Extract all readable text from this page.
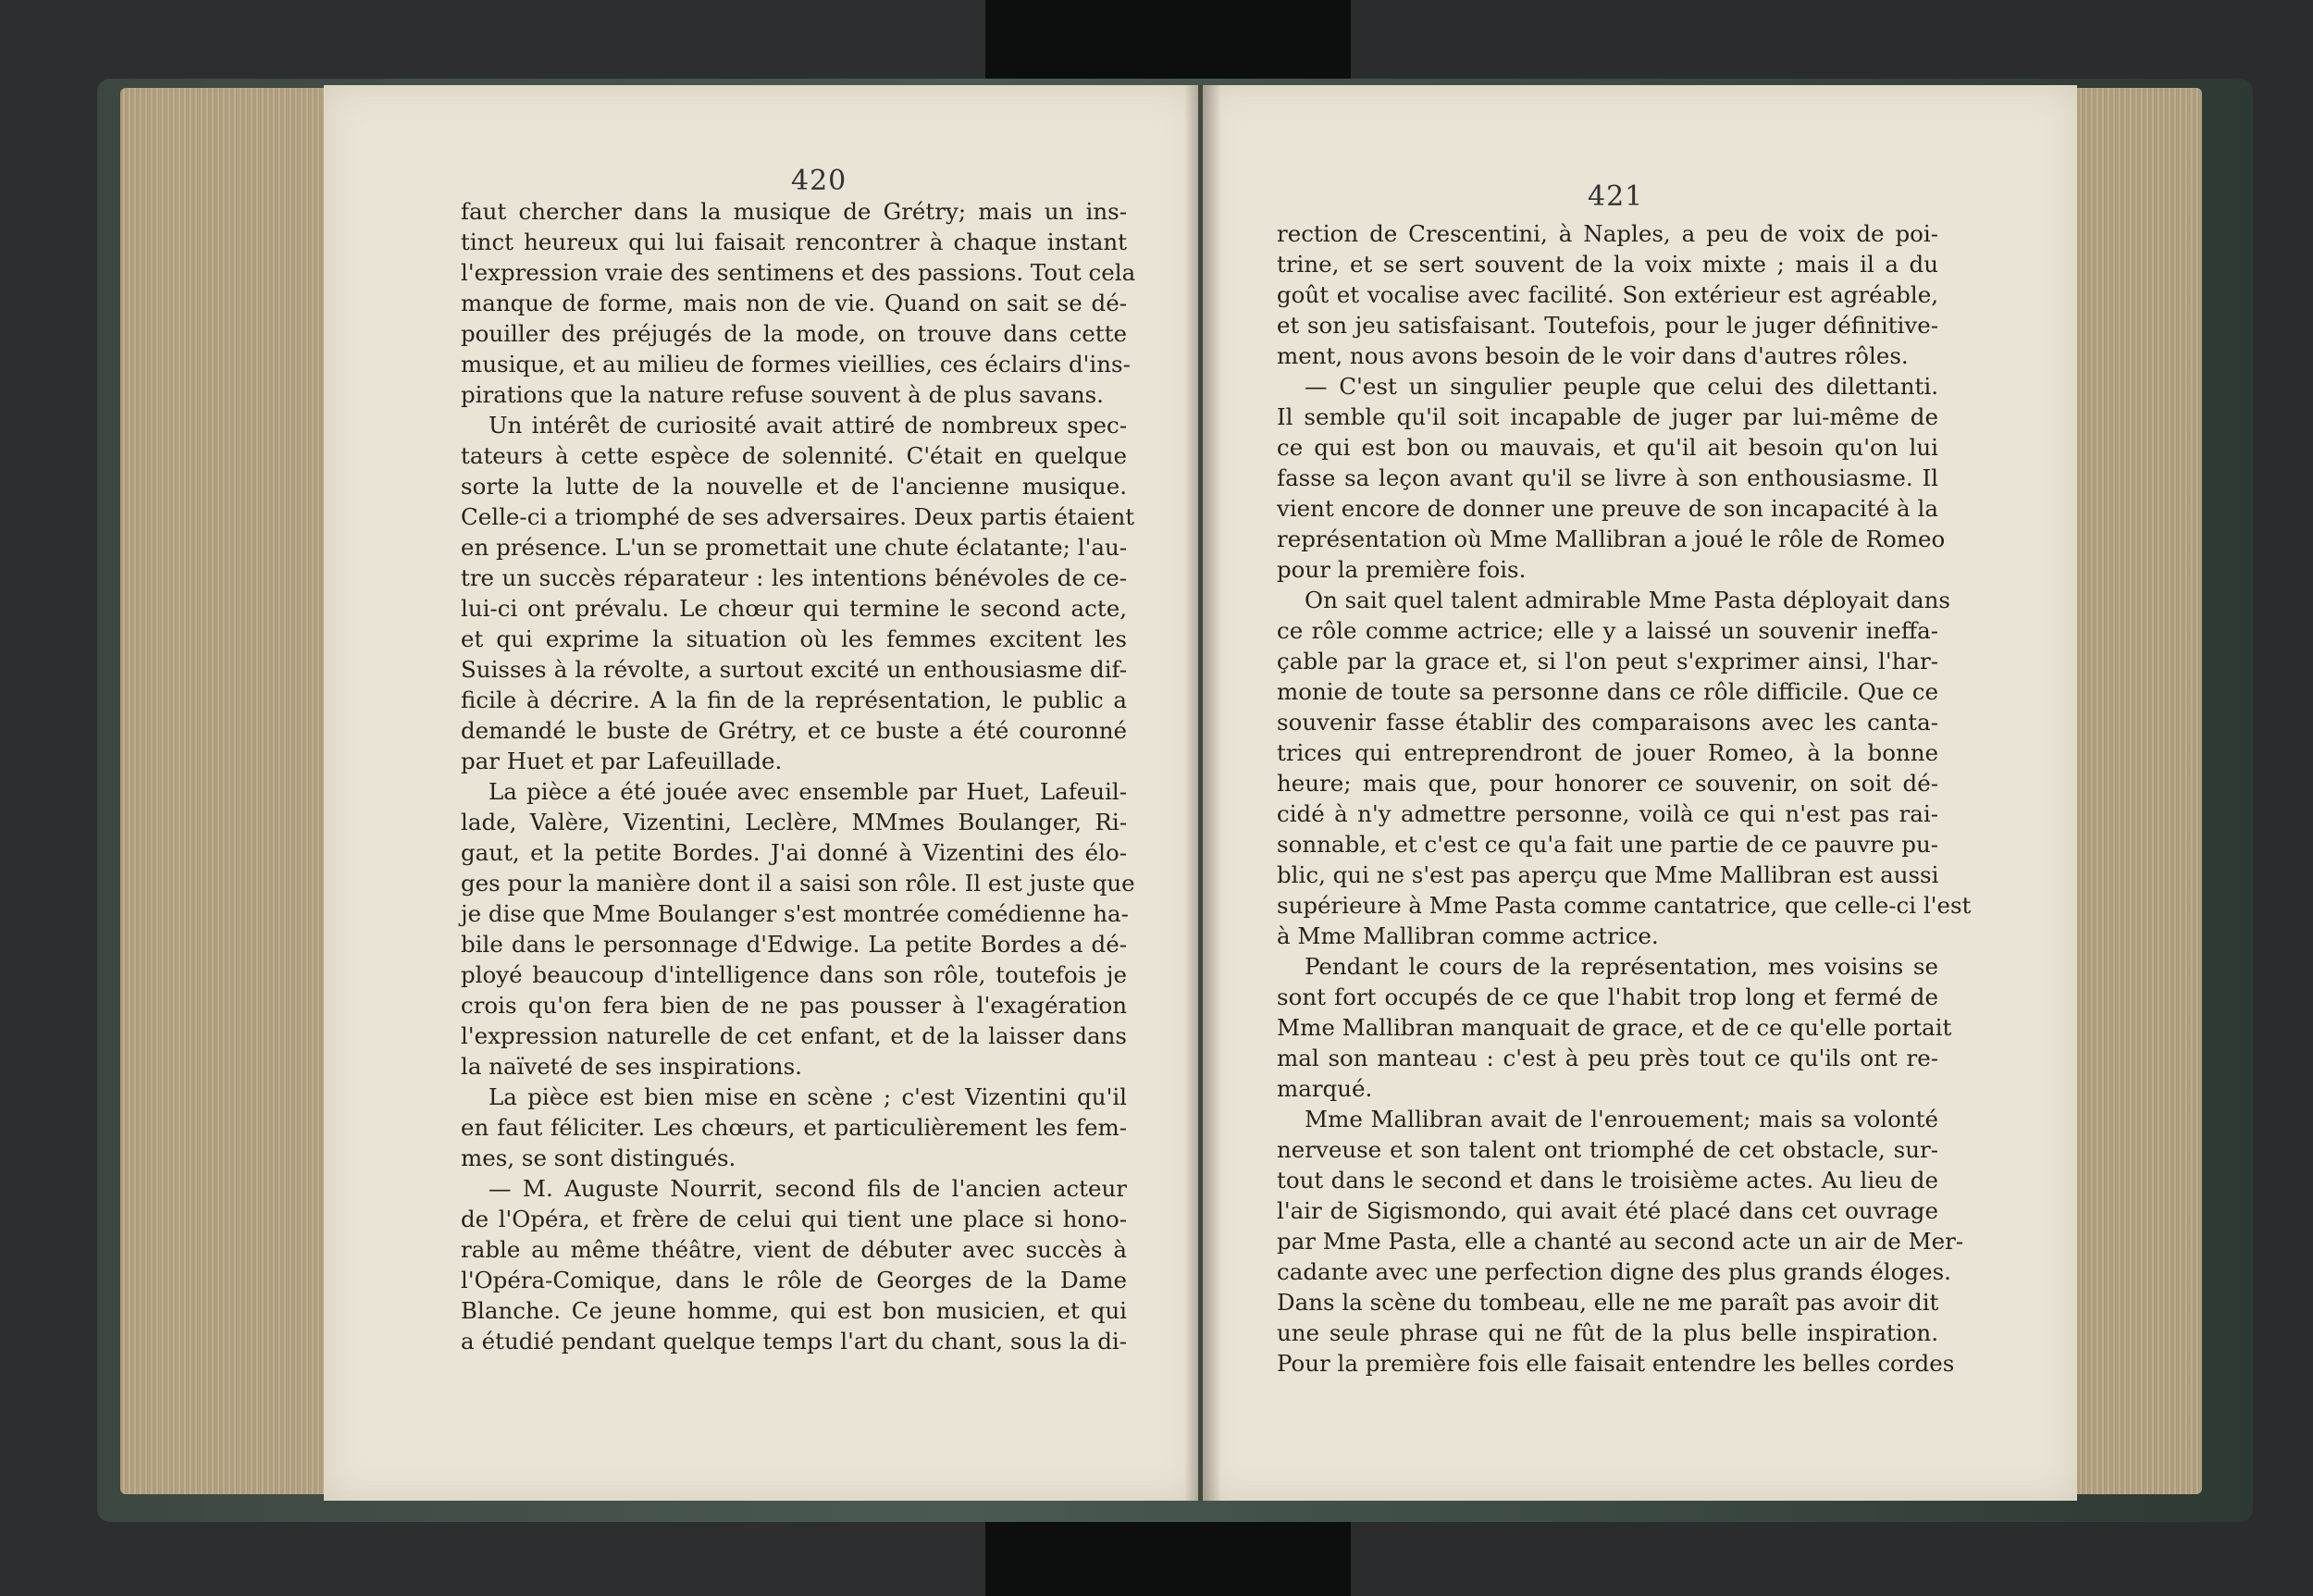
420	421
faut chercher dans la musique de Grétry; mais un ins-
tinct heureux qui lui faisait rencontrer à chaque instant
l'expression vraie des sentimens et des passions. Tout cela
manque de forme, mais non de vie. Quand on sait se dé-
pouiller des préjugés de la mode, on trouve dans cette
musique, et au milieu de formes vieillies, ces éclairs d'ins-
pirations que la nature refuse souvent à de plus savans.
Un intérêt de curiosité avait attiré de nombreux spec-
tateurs à cette espèce de solennité. C'était en quelque
sorte la lutte de la nouvelle et de l'ancienne musique.
Celle-ci a triomphé de ses adversaires. Deux partis étaient
en présence. L'un se promettait une chute éclatante; l'au-
tre un succès réparateur : les intentions bénévoles de ce-
lui-ci ont prévalu. Le chœur qui termine le second acte,
et qui exprime la situation où les femmes excitent les
Suisses à la révolte, a surtout excité un enthousiasme dif-
ficile à décrire. A la fin de la représentation, le public a
demandé le buste de Grétry, et ce buste a été couronné
par Huet et par Lafeuillade.
La pièce a été jouée avec ensemble par Huet, Lafeuil-
lade, Valère, Vizentini, Leclère, MMmes Boulanger, Ri-
gaut, et la petite Bordes. J'ai donné à Vizentini des élo-
ges pour la manière dont il a saisi son rôle. Il est juste que
je dise que Mme Boulanger s'est montrée comédienne ha-
bile dans le personnage d'Edwige. La petite Bordes a dé-
ployé beaucoup d'intelligence dans son rôle, toutefois je
crois qu'on fera bien de ne pas pousser à l'exagération
l'expression naturelle de cet enfant, et de la laisser dans
la naïveté de ses inspirations.
La pièce est bien mise en scène ; c'est Vizentini qu'il
en faut féliciter. Les chœurs, et particulièrement les fem-
mes, se sont distingués.
— M. Auguste Nourrit, second fils de l'ancien acteur
de l'Opéra, et frère de celui qui tient une place si hono-
rable au même théâtre, vient de débuter avec succès à
l'Opéra-Comique, dans le rôle de Georges de la Dame
Blanche. Ce jeune homme, qui est bon musicien, et qui
a étudié pendant quelque temps l'art du chant, sous la di-
rection de Crescentini, à Naples, a peu de voix de poi-
trine, et se sert souvent de la voix mixte ; mais il a du
goût et vocalise avec facilité. Son extérieur est agréable,
et son jeu satisfaisant. Toutefois, pour le juger définitive-
ment, nous avons besoin de le voir dans d'autres rôles.
— C'est un singulier peuple que celui des dilettanti.
Il semble qu'il soit incapable de juger par lui-même de
ce qui est bon ou mauvais, et qu'il ait besoin qu'on lui
fasse sa leçon avant qu'il se livre à son enthousiasme. Il
vient encore de donner une preuve de son incapacité à la
représentation où Mme Mallibran a joué le rôle de Romeo
pour la première fois.
On sait quel talent admirable Mme Pasta déployait dans
ce rôle comme actrice; elle y a laissé un souvenir ineffa-
çable par la grace et, si l'on peut s'exprimer ainsi, l'har-
monie de toute sa personne dans ce rôle difficile. Que ce
souvenir fasse établir des comparaisons avec les canta-
trices qui entreprendront de jouer Romeo, à la bonne
heure; mais que, pour honorer ce souvenir, on soit dé-
cidé à n'y admettre personne, voilà ce qui n'est pas rai-
sonnable, et c'est ce qu'a fait une partie de ce pauvre pu-
blic, qui ne s'est pas aperçu que Mme Mallibran est aussi
supérieure à Mme Pasta comme cantatrice, que celle-ci l'est
à Mme Mallibran comme actrice.
Pendant le cours de la représentation, mes voisins se
sont fort occupés de ce que l'habit trop long et fermé de
Mme Mallibran manquait de grace, et de ce qu'elle portait
mal son manteau : c'est à peu près tout ce qu'ils ont re-
marqué.
Mme Mallibran avait de l'enrouement; mais sa volonté
nerveuse et son talent ont triomphé de cet obstacle, sur-
tout dans le second et dans le troisième actes. Au lieu de
l'air de Sigismondo, qui avait été placé dans cet ouvrage
par Mme Pasta, elle a chanté au second acte un air de Mer-
cadante avec une perfection digne des plus grands éloges.
Dans la scène du tombeau, elle ne me paraît pas avoir dit
une seule phrase qui ne fût de la plus belle inspiration.
Pour la première fois elle faisait entendre les belles cordes
